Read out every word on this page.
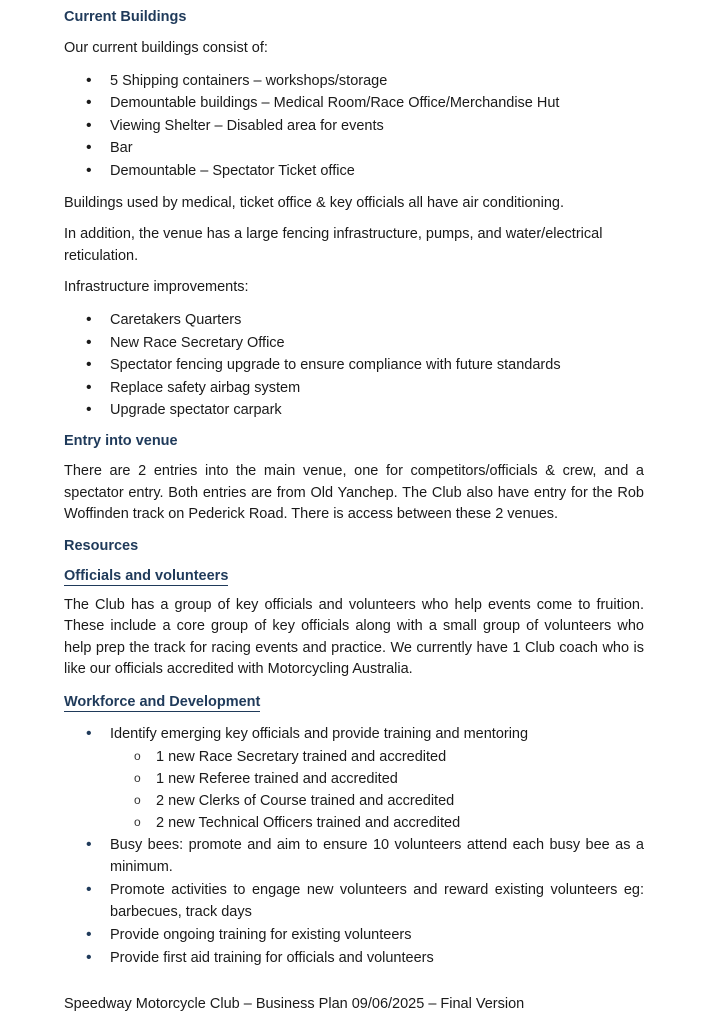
Current Buildings

Our current buildings consist of:

• 5 Shipping containers – workshops/storage
• Demountable buildings – Medical Room/Race Office/Merchandise Hut
• Viewing Shelter – Disabled area for events
• Bar
• Demountable – Spectator Ticket office

Buildings used by medical, ticket office & key officials all have air conditioning.

In addition, the venue has a large fencing infrastructure, pumps, and water/electrical reticulation.

Infrastructure improvements:

• Caretakers Quarters
• New Race Secretary Office
• Spectator fencing upgrade to ensure compliance with future standards
• Replace safety airbag system
• Upgrade spectator carpark
Entry into venue

There are 2 entries into the main venue, one for competitors/officials & crew, and a spectator entry. Both entries are from Old Yanchep. The Club also have entry for the Rob Woffinden track on Pederick Road. There is access between these 2 venues.

Resources
Officials and volunteers

The Club has a group of key officials and volunteers who help events come to fruition. These include a core group of key officials along with a small group of volunteers who help prep the track for racing events and practice. We currently have 1 Club coach who is like our officials accredited with Motorcycling Australia.

Workforce and Development
• Identify emerging key officials and provide training and mentoring
o 1 new Race Secretary trained and accredited
o 1 new Referee trained and accredited
o 2 new Clerks of Course trained and accredited
o 2 new Technical Officers trained and accredited
• Busy bees: promote and aim to ensure 10 volunteers attend each busy bee as a minimum.
• Promote activities to engage new volunteers and reward existing volunteers eg: barbecues, track days
• Provide ongoing training for existing volunteers
• Provide first aid training for officials and volunteers
Speedway Motorcycle Club – Business Plan 09/06/2025 – Final Version
